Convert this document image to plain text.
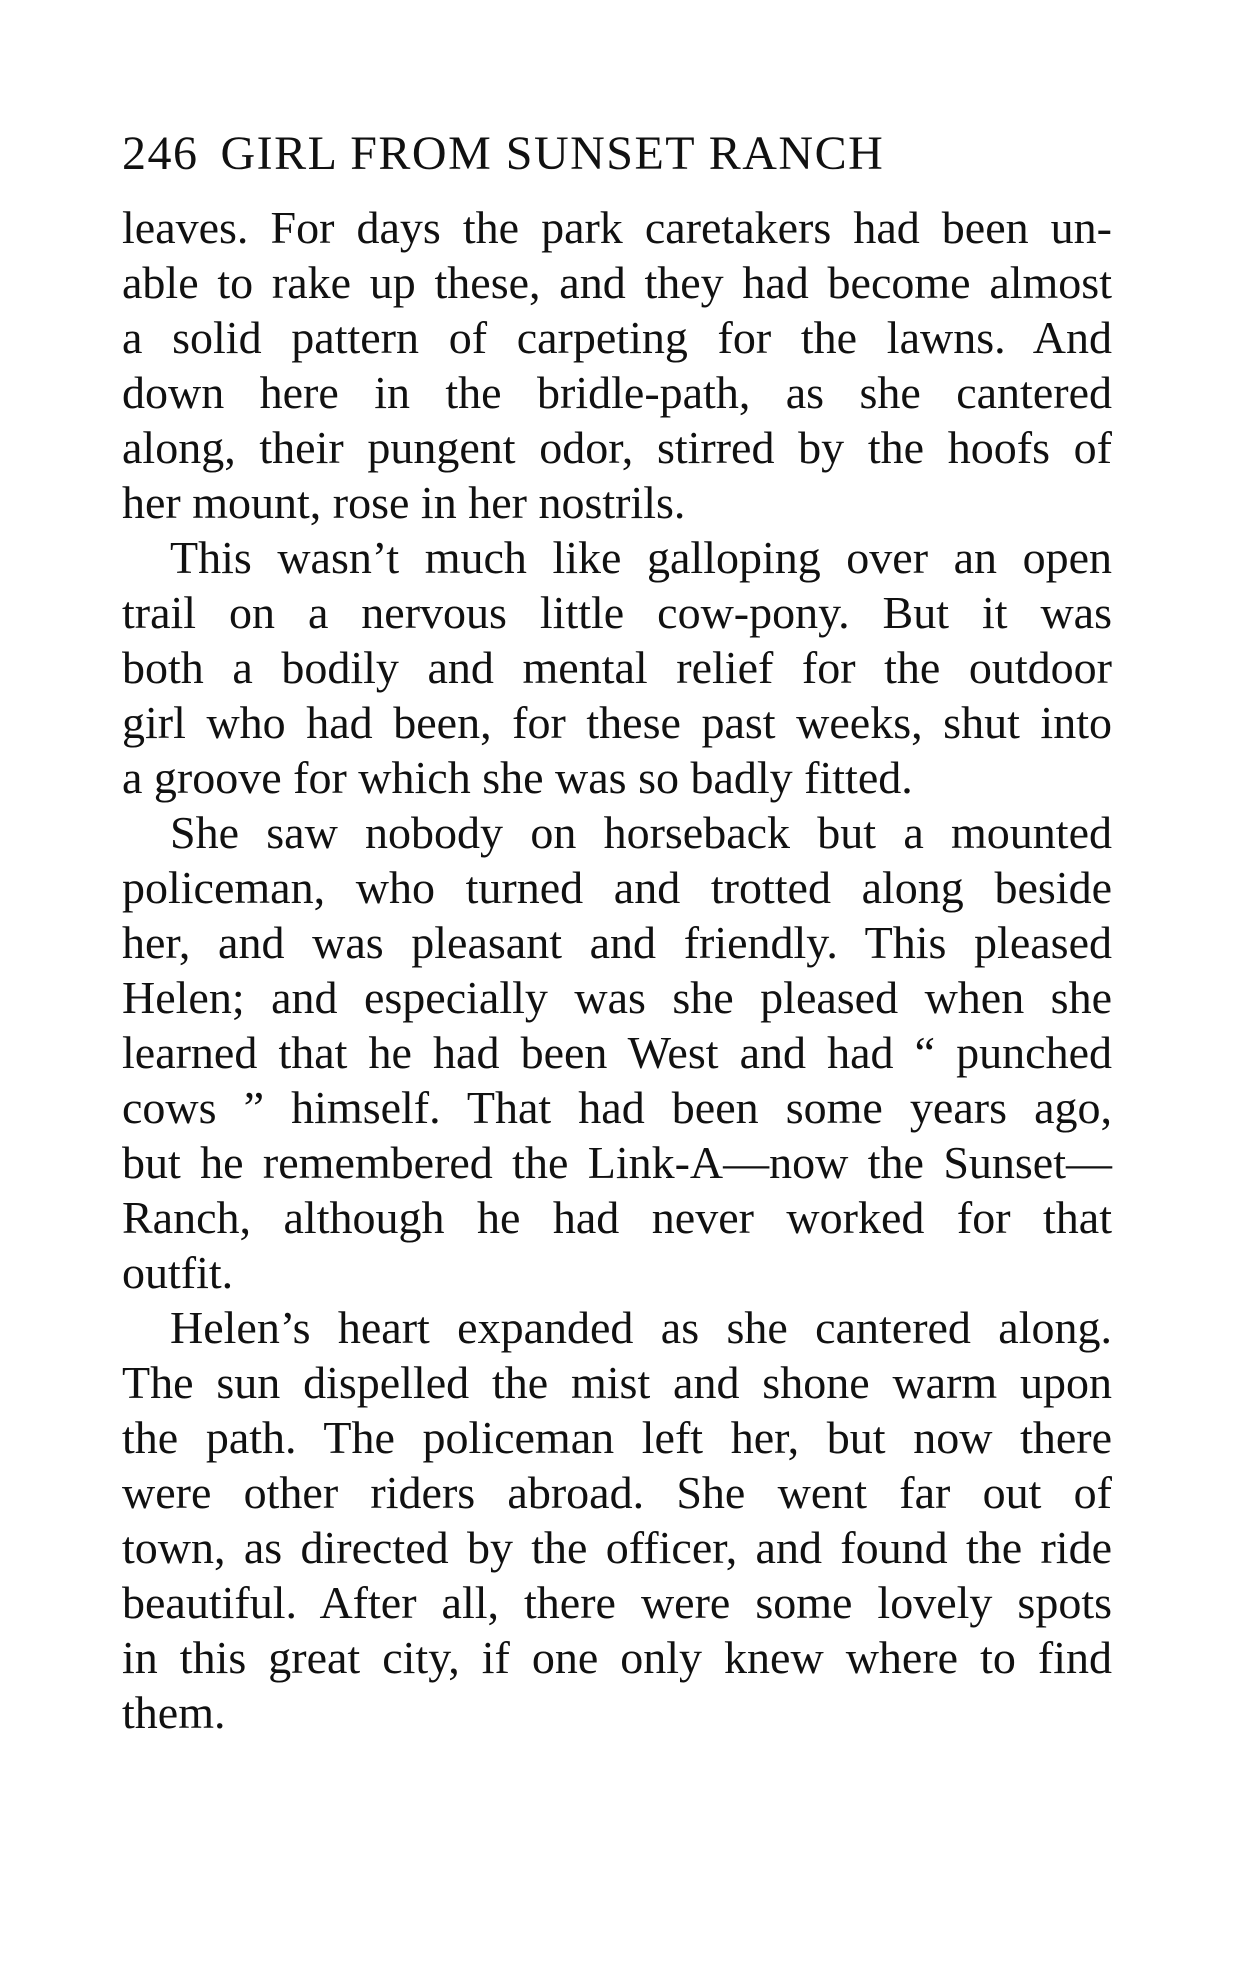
246 GIRL FROM SUNSET RANCH
leaves. For days the park caretakers had been un-
able to rake up these, and they had become almost
a solid pattern of carpeting for the lawns. And
down here in the bridle-path, as she cantered
along, their pungent odor, stirred by the hoofs of
her mount, rose in her nostrils.
This wasn’t much like galloping over an open
trail on a nervous little cow-pony. But it was
both a bodily and mental relief for the outdoor
girl who had been, for these past weeks, shut into
a groove for which she was so badly fitted.
She saw nobody on horseback but a mounted
policeman, who turned and trotted along beside
her, and was pleasant and friendly. This pleased
Helen; and especially was she pleased when she
learned that he had been West and had “ punched
cows ” himself. That had been some years ago,
but he remembered the Link-A—now the Sunset—
Ranch, although he had never worked for that
outfit.
Helen’s heart expanded as she cantered along.
The sun dispelled the mist and shone warm upon
the path. The policeman left her, but now there
were other riders abroad. She went far out of
town, as directed by the officer, and found the ride
beautiful. After all, there were some lovely spots
in this great city, if one only knew where to find
them.
